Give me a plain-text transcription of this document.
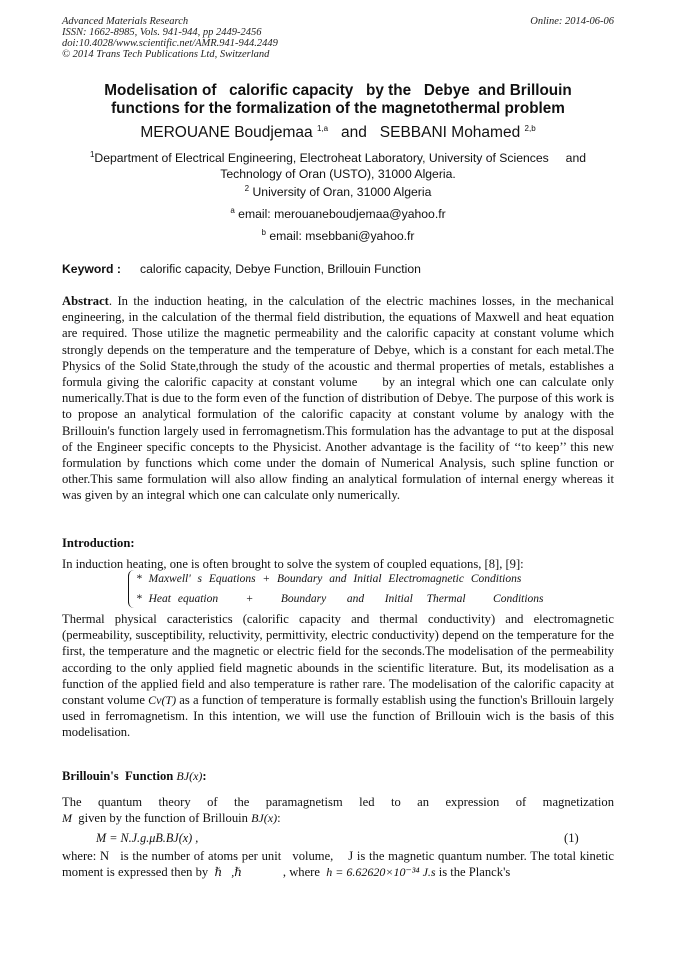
Advanced Materials Research
ISSN: 1662-8985, Vols. 941-944, pp 2449-2456
doi:10.4028/www.scientific.net/AMR.941-944.2449
© 2014 Trans Tech Publications Ltd, Switzerland
Online: 2014-06-06
Modelisation of   calorific capacity   by the   Debye  and Brillouin
functions for the formalization of the magnetothermal problem
MEROUANE Boudjemaa $^{1,a}$ and SEBBANI Mohamed $^{2,b}$
$^1$Department of Electrical Engineering, Electroheat Laboratory, University of Sciences     and Technology of Oran (USTO), 31000 Algeria.
$^2$ University of Oran, 31000 Algeria
$^a$ email: merouaneboudjemaa@yahoo.fr
$^b$ email: msebbani@yahoo.fr
Keyword : calorific capacity, Debye Function, Brillouin Function

Abstract. In the induction heating, in the calculation of the electric machines losses, in the mechanical engineering, in the calculation of the thermal field distribution, the equations of Maxwell and heat equation are required. Those utilize the magnetic permeability and the calorific capacity at constant volume which strongly depends on the temperature and the temperature of Debye, which is a constant for each metal.The Physics of the Solid State,through the study of the acoustic and thermal properties of metals, establishes a formula giving the calorific capacity at constant volume     by an integral which one can calculate only numerically.That is due to the form even of the function of distribution of Debye. The purpose of this work is to propose an analytical formulation of the calorific capacity at constant volume by analogy with the Brillouin's function largely used in ferromagnetism.This formulation has the advantage to put at the disposal of the Engineer specific concepts to the Physicist. Another advantage is the facility of ‘‘to keep’’ this new formulation by functions which come under the domain of Numerical Analysis, such spline function or other.This same formulation will also allow finding an analytical formulation of internal energy whereas it was given by an integral which one can calculate only numerically.

Introduction:

In induction heating, one is often brought to solve the system of coupled equations, [8], [9]:

* Maxwell' s Equations + Boundary and Initial Electromagnetic Conditions
* Heat equation    +    Boundary   and   Initial  Thermal    Conditions

Thermal physical caracteristics (calorific capacity and thermal conductivity) and electromagnetic (permeability, susceptibility, reluctivity, permittivity, electric conductivity) depend on the temperature for the first, the temperature and the magnetic or electric field for the seconds.The modelisation of the permeability according to the only applied field magnetic abounds in the scientific literature. But, its modelisation as a function of the applied field and also temperature is rather rare. The modelisation of the calorific capacity at constant volume Cv(T) as a function of temperature is formally establish using the function's Brillouin largely used in ferromagnetism. In this intention, we will use the function of Brillouin wich is the basis of this modelisation.

Brillouin's  Function BJ(x):

The quantum theory of the paramagnetism led to an expression of magnetization M  given by the function of Brillouin BJ(x):

M = N.J.g.μB.BJ(x) ,	(1)

where: N   is the number of atoms per unit   volume,    J is the magnetic quantum number. The total kinetic moment is expressed then by  ℏ   ,ℏ             , where  h = 6.62620×10⁻³⁴ J.s is the Planck's
